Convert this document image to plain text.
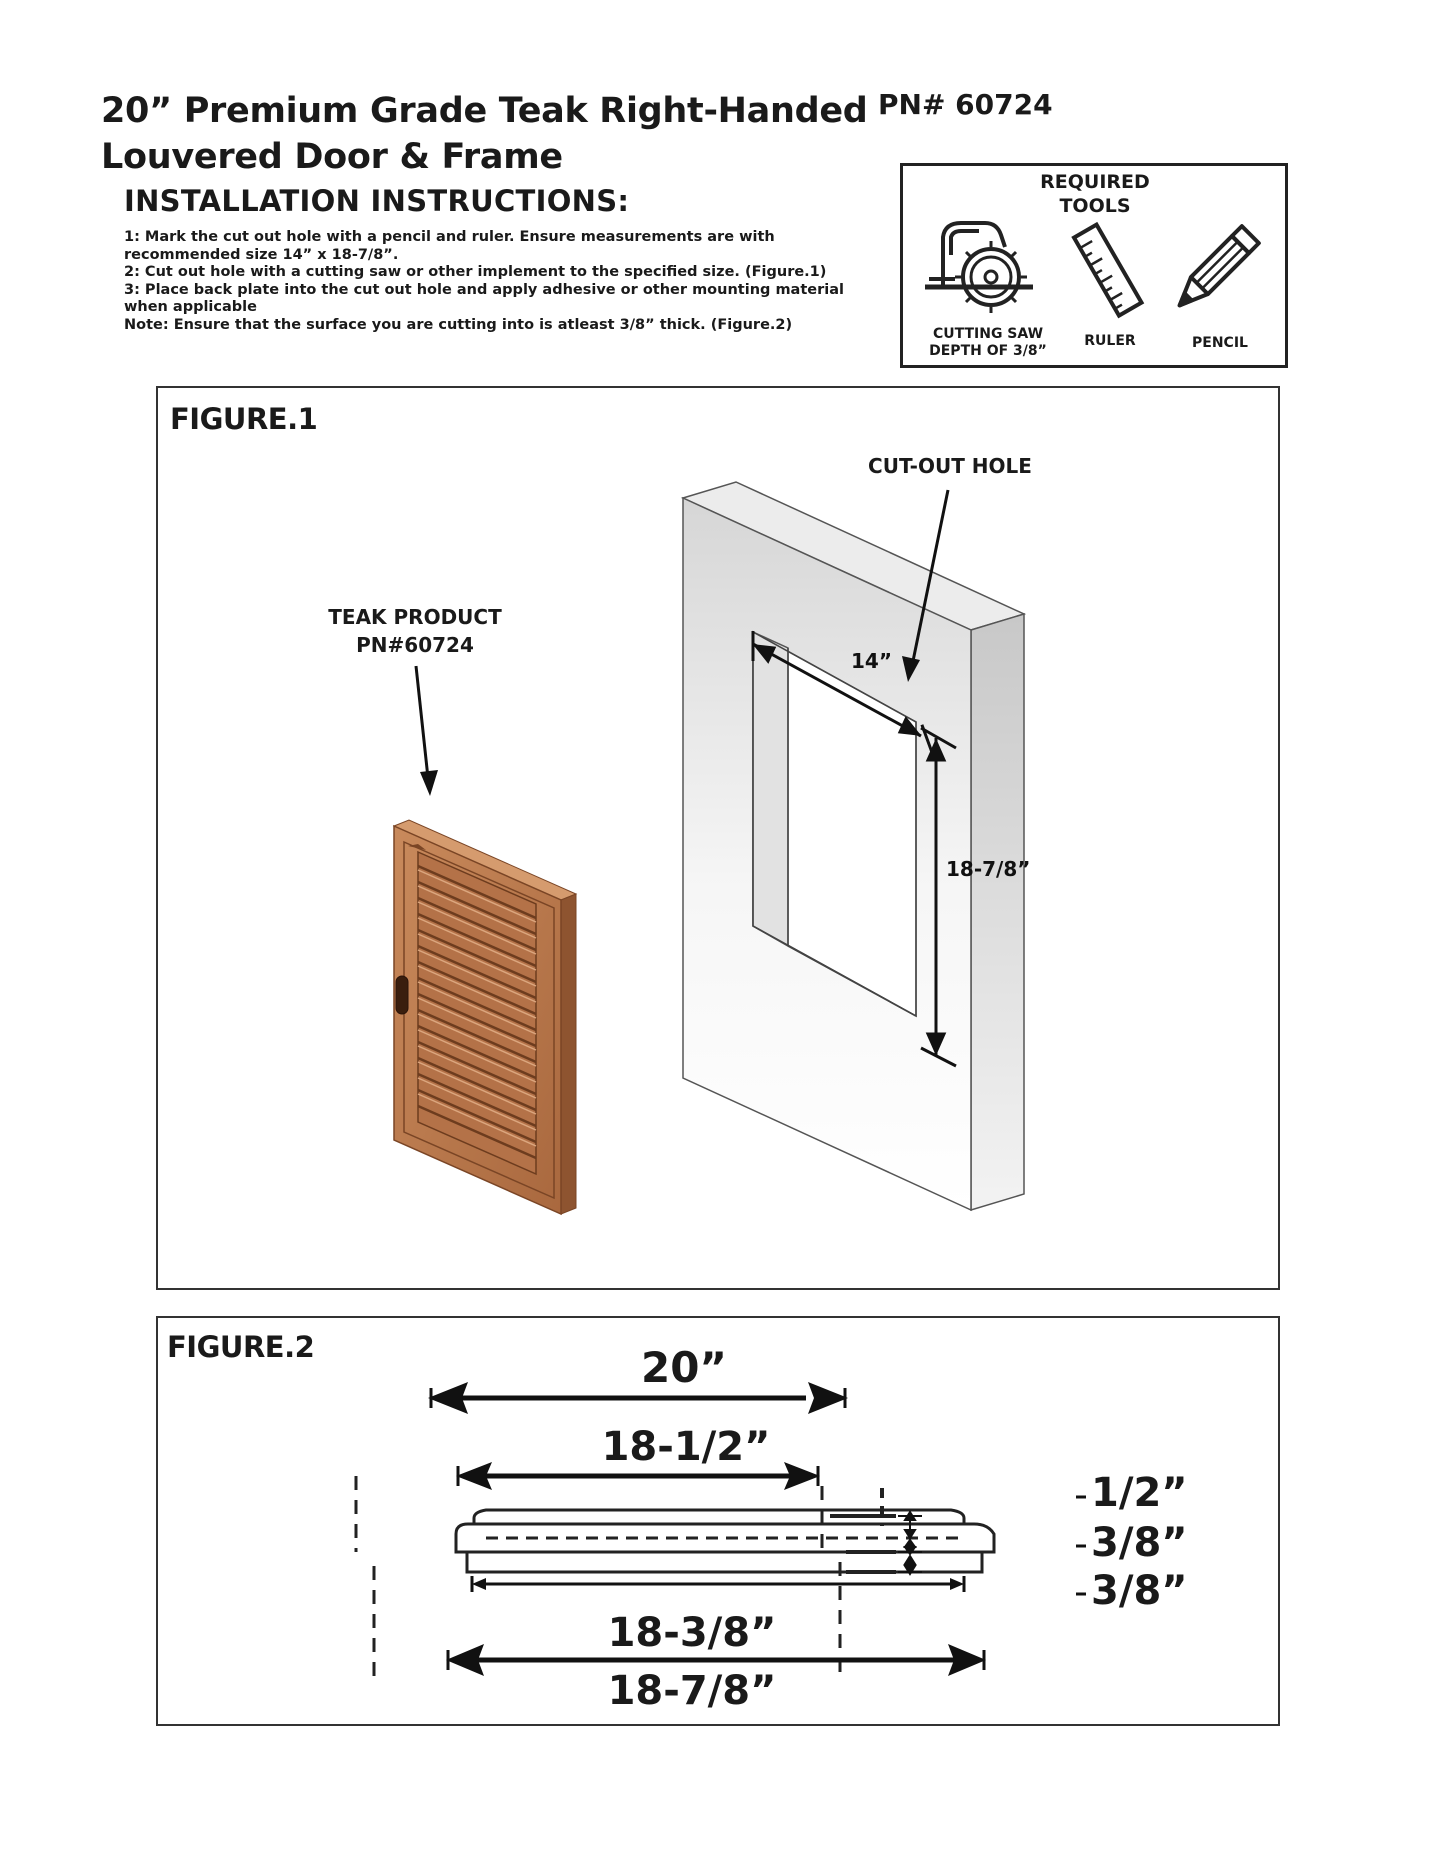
20” Premium Grade Teak Right-Handed
Louvered Door & Frame
PN# 60724
INSTALLATION INSTRUCTIONS:
1: Mark the cut out hole with a pencil and ruler. Ensure measurements are with recommended size 14” x 18-7/8”.
2: Cut out hole with a cutting saw or other implement to the specified size. (Figure.1)
3: Place back plate into the cut out hole and apply adhesive or other mounting material when applicable
Note: Ensure that the surface you are cutting into is atleast 3/8” thick. (Figure.2)
REQUIRED
TOOLS
CUTTING SAW
DEPTH OF 3/8”
RULER	PENCIL
FIGURE.1
CUT-OUT HOLE
TEAK PRODUCT
PN#60724
14”
18-7/8”
FIGURE.2	20”
18-1/2”
18-3/8”
18-7/8”
1/2”
3/8”
3/8”
